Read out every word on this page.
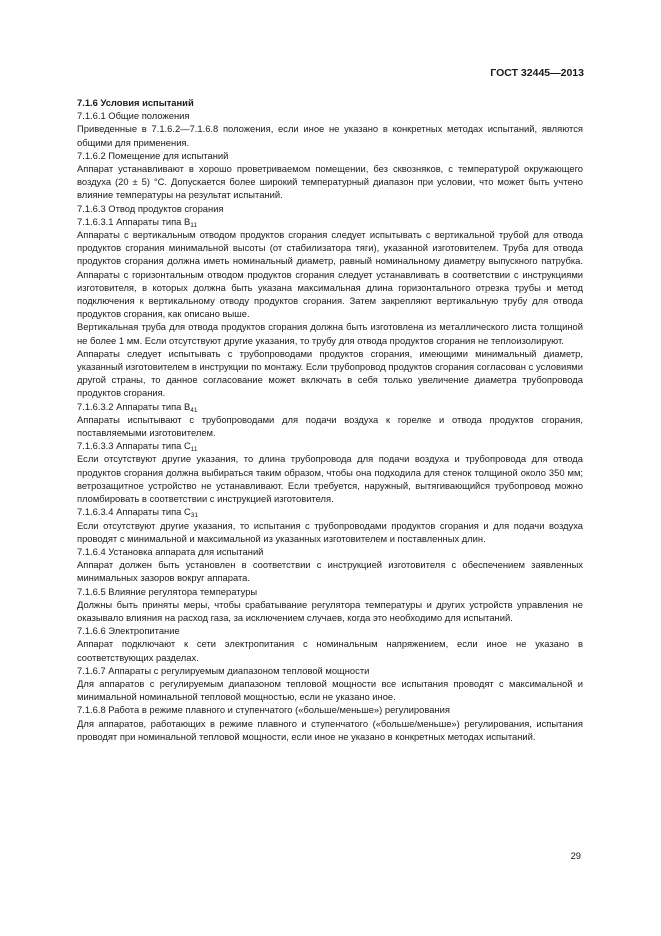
ГОСТ 32445—2013

7.1.6 Условия испытаний

7.1.6.1 Общие положения

Приведенные в 7.1.6.2—7.1.6.8 положения, если иное не указано в конкретных методах испытаний, являются общими для применения.

7.1.6.2 Помещение для испытаний

Аппарат устанавливают в хорошо проветриваемом помещении, без сквозняков, с температурой окружающего воздуха (20 ± 5) °С. Допускается более широкий температурный диапазон при условии, что может быть учтено влияние температуры на результат испытаний.

7.1.6.3 Отвод продуктов сгорания

7.1.6.3.1 Аппараты типа $B_{11}$

Аппараты с вертикальным отводом продуктов сгорания следует испытывать с вертикальной трубой для отвода продуктов сгорания минимальной высоты (от стабилизатора тяги), указанной изготовителем. Труба для отвода продуктов сгорания должна иметь номинальный диаметр, равный номинальному диаметру выпускного патрубка. Аппараты с горизонтальным отводом продуктов сгорания следует устанавливать в соответствии с инструкциями изготовителя, в которых должна быть указана максимальная длина горизонтального отрезка трубы и метод подключения к вертикальному отводу продуктов сгорания. Затем закрепляют вертикальную трубу для отвода продуктов сгорания, как описано выше.

Вертикальная труба для отвода продуктов сгорания должна быть изготовлена из металлического листа толщиной не более 1 мм. Если отсутствуют другие указания, то трубу для отвода продуктов сгорания не теплоизолируют.

Аппараты следует испытывать с трубопроводами продуктов сгорания, имеющими минимальный диаметр, указанный изготовителем в инструкции по монтажу. Если трубопровод продуктов сгорания согласован с условиями другой страны, то данное согласование может включать в себя только увеличение диаметра трубопровода продуктов сгорания.

7.1.6.3.2 Аппараты типа $B_{41}$

Аппараты испытывают с трубопроводами для подачи воздуха к горелке и отвода продуктов сгорания, поставляемыми изготовителем.

7.1.6.3.3 Аппараты типа $С_{11}$

Если отсутствуют другие указания, то длина трубопровода для подачи воздуха и трубопровода для отвода продуктов сгорания должна выбираться таким образом, чтобы она подходила для стенок толщиной около 350 мм; ветрозащитное устройство не устанавливают. Если требуется, наружный, вытягивающийся трубопровод можно пломбировать в соответствии с инструкцией изготовителя.

7.1.6.3.4 Аппараты типа $С_{31}$

Если отсутствуют другие указания, то испытания с трубопроводами продуктов сгорания и для подачи воздуха проводят с минимальной и максимальной из указанных изготовителем и поставленных длин.

7.1.6.4 Установка аппарата для испытаний

Аппарат должен быть установлен в соответствии с инструкцией изготовителя с обеспечением заявленных минимальных зазоров вокруг аппарата.

7.1.6.5 Влияние регулятора температуры

Должны быть приняты меры, чтобы срабатывание регулятора температуры и других устройств управления не оказывало влияния на расход газа, за исключением случаев, когда это необходимо для испытаний.

7.1.6.6 Электропитание

Аппарат подключают к сети электропитания с номинальным напряжением, если иное не указано в соответствующих разделах.

7.1.6.7 Аппараты с регулируемым диапазоном тепловой мощности

Для аппаратов с регулируемым диапазоном тепловой мощности все испытания проводят с максимальной и минимальной номинальной тепловой мощностью, если не указано иное.

7.1.6.8 Работа в режиме плавного и ступенчатого («больше/меньше») регулирования

Для аппаратов, работающих в режиме плавного и ступенчатого («больше/меньше») регулирования, испытания проводят при номинальной тепловой мощности, если иное не указано в конкретных методах испытаний.

29
